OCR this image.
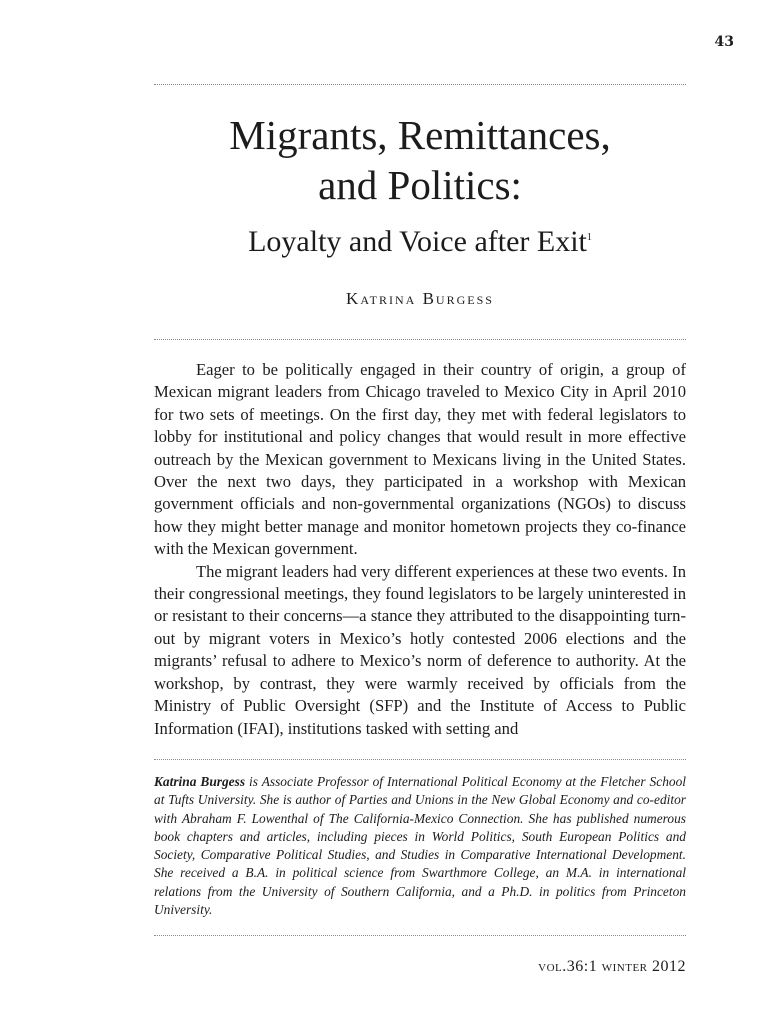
43
Migrants, Remittances,
and Politics:
Loyalty and Voice after Exit$^1$
Katrina Burgess

Eager to be politically engaged in their country of origin, a group of Mexican migrant leaders from Chicago traveled to Mexico City in April 2010 for two sets of meetings. On the first day, they met with federal legislators to lobby for institutional and policy changes that would result in more effective outreach by the Mexican government to Mexicans living in the United States. Over the next two days, they participated in a workshop with Mexican government officials and non-governmental organizations (NGOs) to discuss how they might better manage and monitor hometown projects they co-finance with the Mexican government.

The migrant leaders had very different experiences at these two events. In their congressional meetings, they found legislators to be largely uninterested in or resistant to their concerns—a stance they attributed to the disappointing turn-out by migrant voters in Mexico’s hotly contested 2006 elections and the migrants’ refusal to adhere to Mexico’s norm of deference to authority. At the workshop, by contrast, they were warmly received by officials from the Ministry of Public Oversight (SFP) and the Institute of Access to Public Information (IFAI), institutions tasked with setting and

Katrina Burgess is Associate Professor of International Political Economy at the Fletcher School at Tufts University. She is author of Parties and Unions in the New Global Economy and co-editor with Abraham F. Lowenthal of The California-Mexico Connection. She has published numerous book chapters and articles, including pieces in World Politics, South European Politics and Society, Comparative Political Studies, and Studies in Comparative International Development. She received a B.A. in political science from Swarthmore College, an M.A. in international relations from the University of Southern California, and a Ph.D. in politics from Princeton University.
vol.36:1 winter 2012
